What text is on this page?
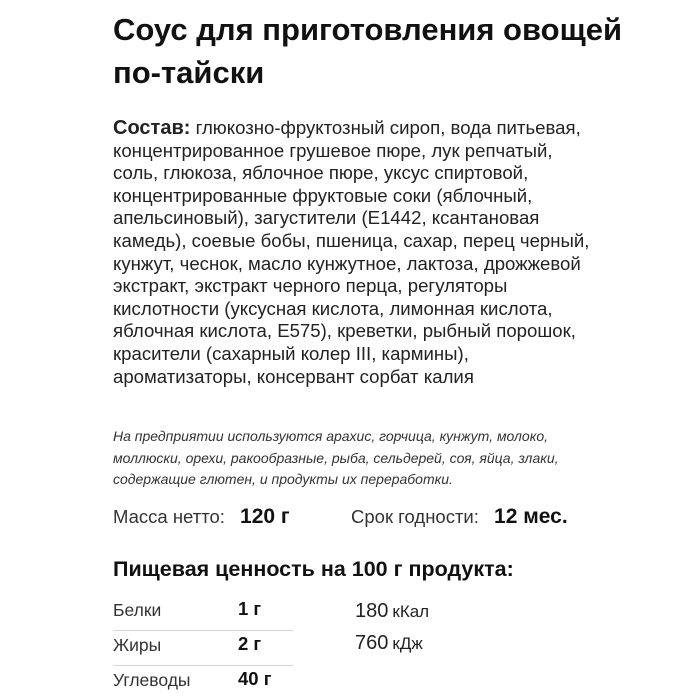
Соус для приготовления овощей по-тайски
Состав: глюкозно-фруктозный сироп, вода питьевая, концентрированное грушевое пюре, лук репчатый, соль, глюкоза, яблочное пюре, уксус спиртовой, концентрированные фруктовые соки (яблочный, апельсиновый), загустители (Е1442, ксантановая камедь), соевые бобы, пшеница, сахар, перец черный, кунжут, чеснок, масло кунжутное, лактоза, дрожжевой экстракт, экстракт черного перца, регуляторы кислотности (уксусная кислота, лимонная кислота, яблочная кислота, Е575), креветки, рыбный порошок, красители (сахарный колер III, кармины), ароматизаторы, консервант сорбат калия
На предприятии используются арахис, горчица, кунжут, молоко, моллюски, орехи, ракообразные, рыба, сельдерей, соя, яйца, злаки, содержащие глютен, и продукты их переработки.
Масса нетто: 120 г	Срок годности: 12 мес.
Пищевая ценность на 100 г продукта:
Белки	1 г
Жиры	2 г
Углеводы	40 г
180 кКал
760 кДж
